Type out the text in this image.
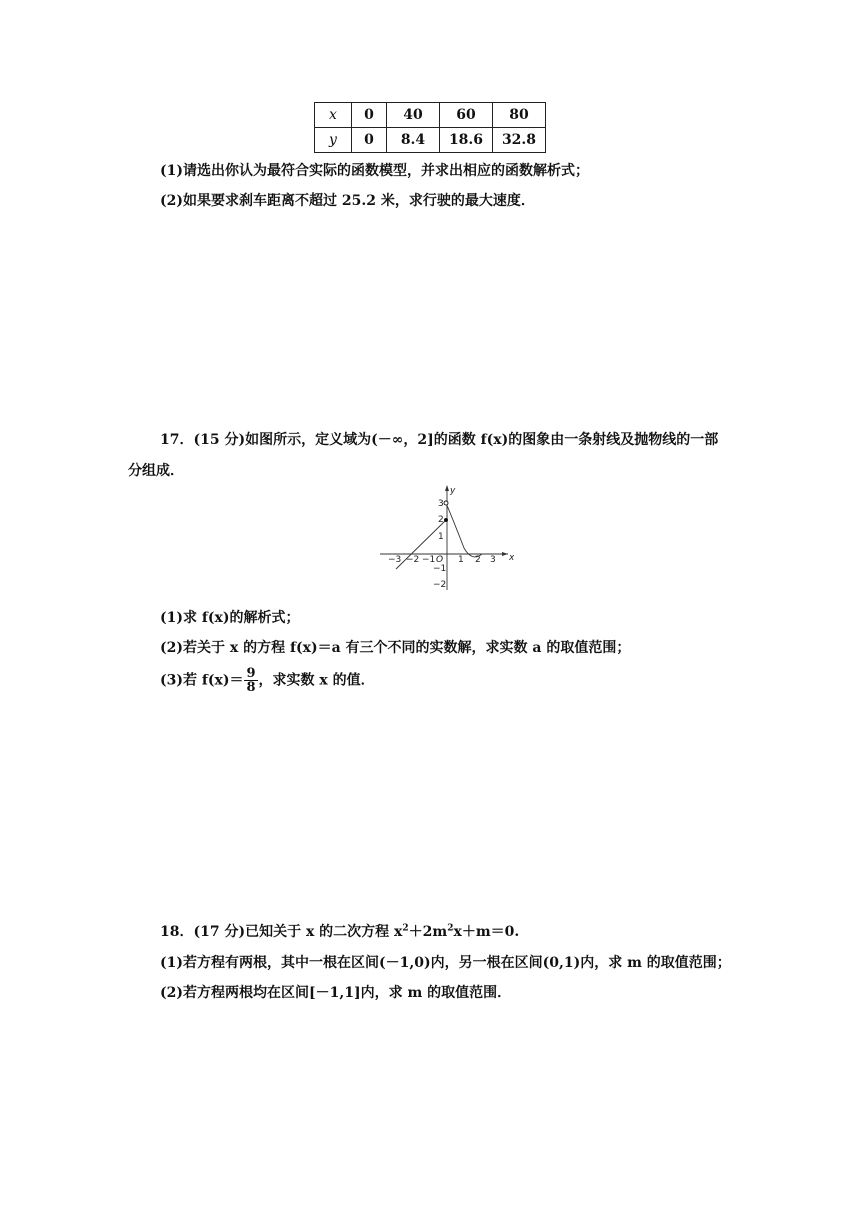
x	0	40	60	80
y	0	8.4	18.6	32.8
(1)请选出你认为最符合实际的函数模型，并求出相应的函数解析式；
(2)如果要求刹车距离不超过 25.2 米，求行驶的最大速度．
17．(15 分)如图所示，定义域为(－∞，2]的函数 f(x)的图象由一条射线及抛物线的一部
分组成．
x
y
O
−3 −2 −1	1 2 3
3
2
1
−1
−2
(1)求 f(x)的解析式；
(2)若关于 x 的方程 f(x)＝a 有三个不同的实数解，求实数 a 的取值范围；
(3)若 $f(x)= \frac{9}{8}$ ，求实数 x 的值．
18．(17 分)已知关于 x 的二次方程 $x^2+2m^2x+m=0$.
(1)若方程有两根，其中一根在区间(－1,0)内，另一根在区间(0,1)内，求 m 的取值范围；
(2)若方程两根均在区间[－1,1]内，求 m 的取值范围．
